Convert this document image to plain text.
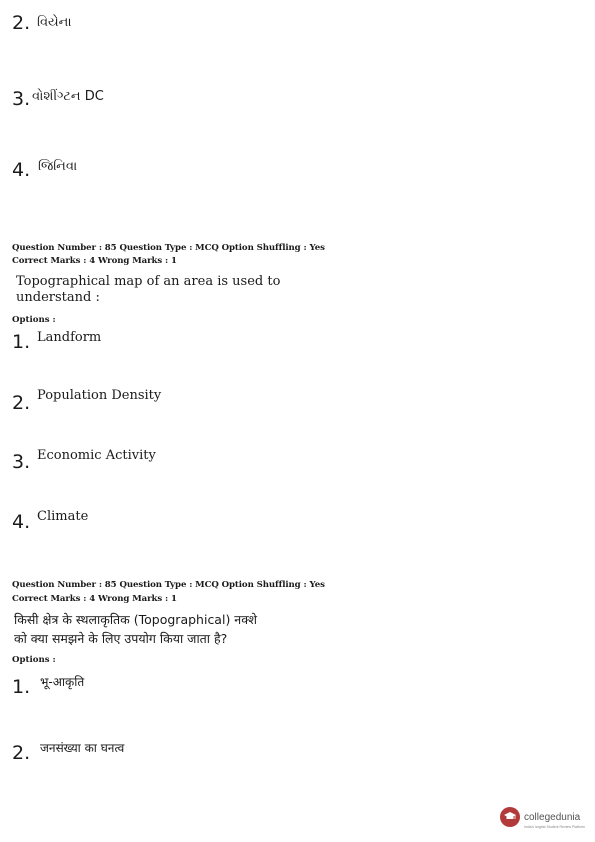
2. વિયેના
3. વોશીંગ્ટન DC
4. જિનિવા
Question Number : 85 Question Type : MCQ Option Shuffling : Yes
Correct Marks : 4 Wrong Marks : 1
Topographical map of an area is used to
understand :
Options :
1. Landform
2. Population Density
3. Economic Activity
4. Climate
Question Number : 85 Question Type : MCQ Option Shuffling : Yes
Correct Marks : 4 Wrong Marks : 1
किसी क्षेत्र के स्थलाकृतिक (Topographical) नक्शे
को क्या समझने के लिए उपयोग किया जाता है?
Options :
1. भू-आकृति
2. जनसंख्या का घनत्व
collegedunia
India's largest Student Review Platform
